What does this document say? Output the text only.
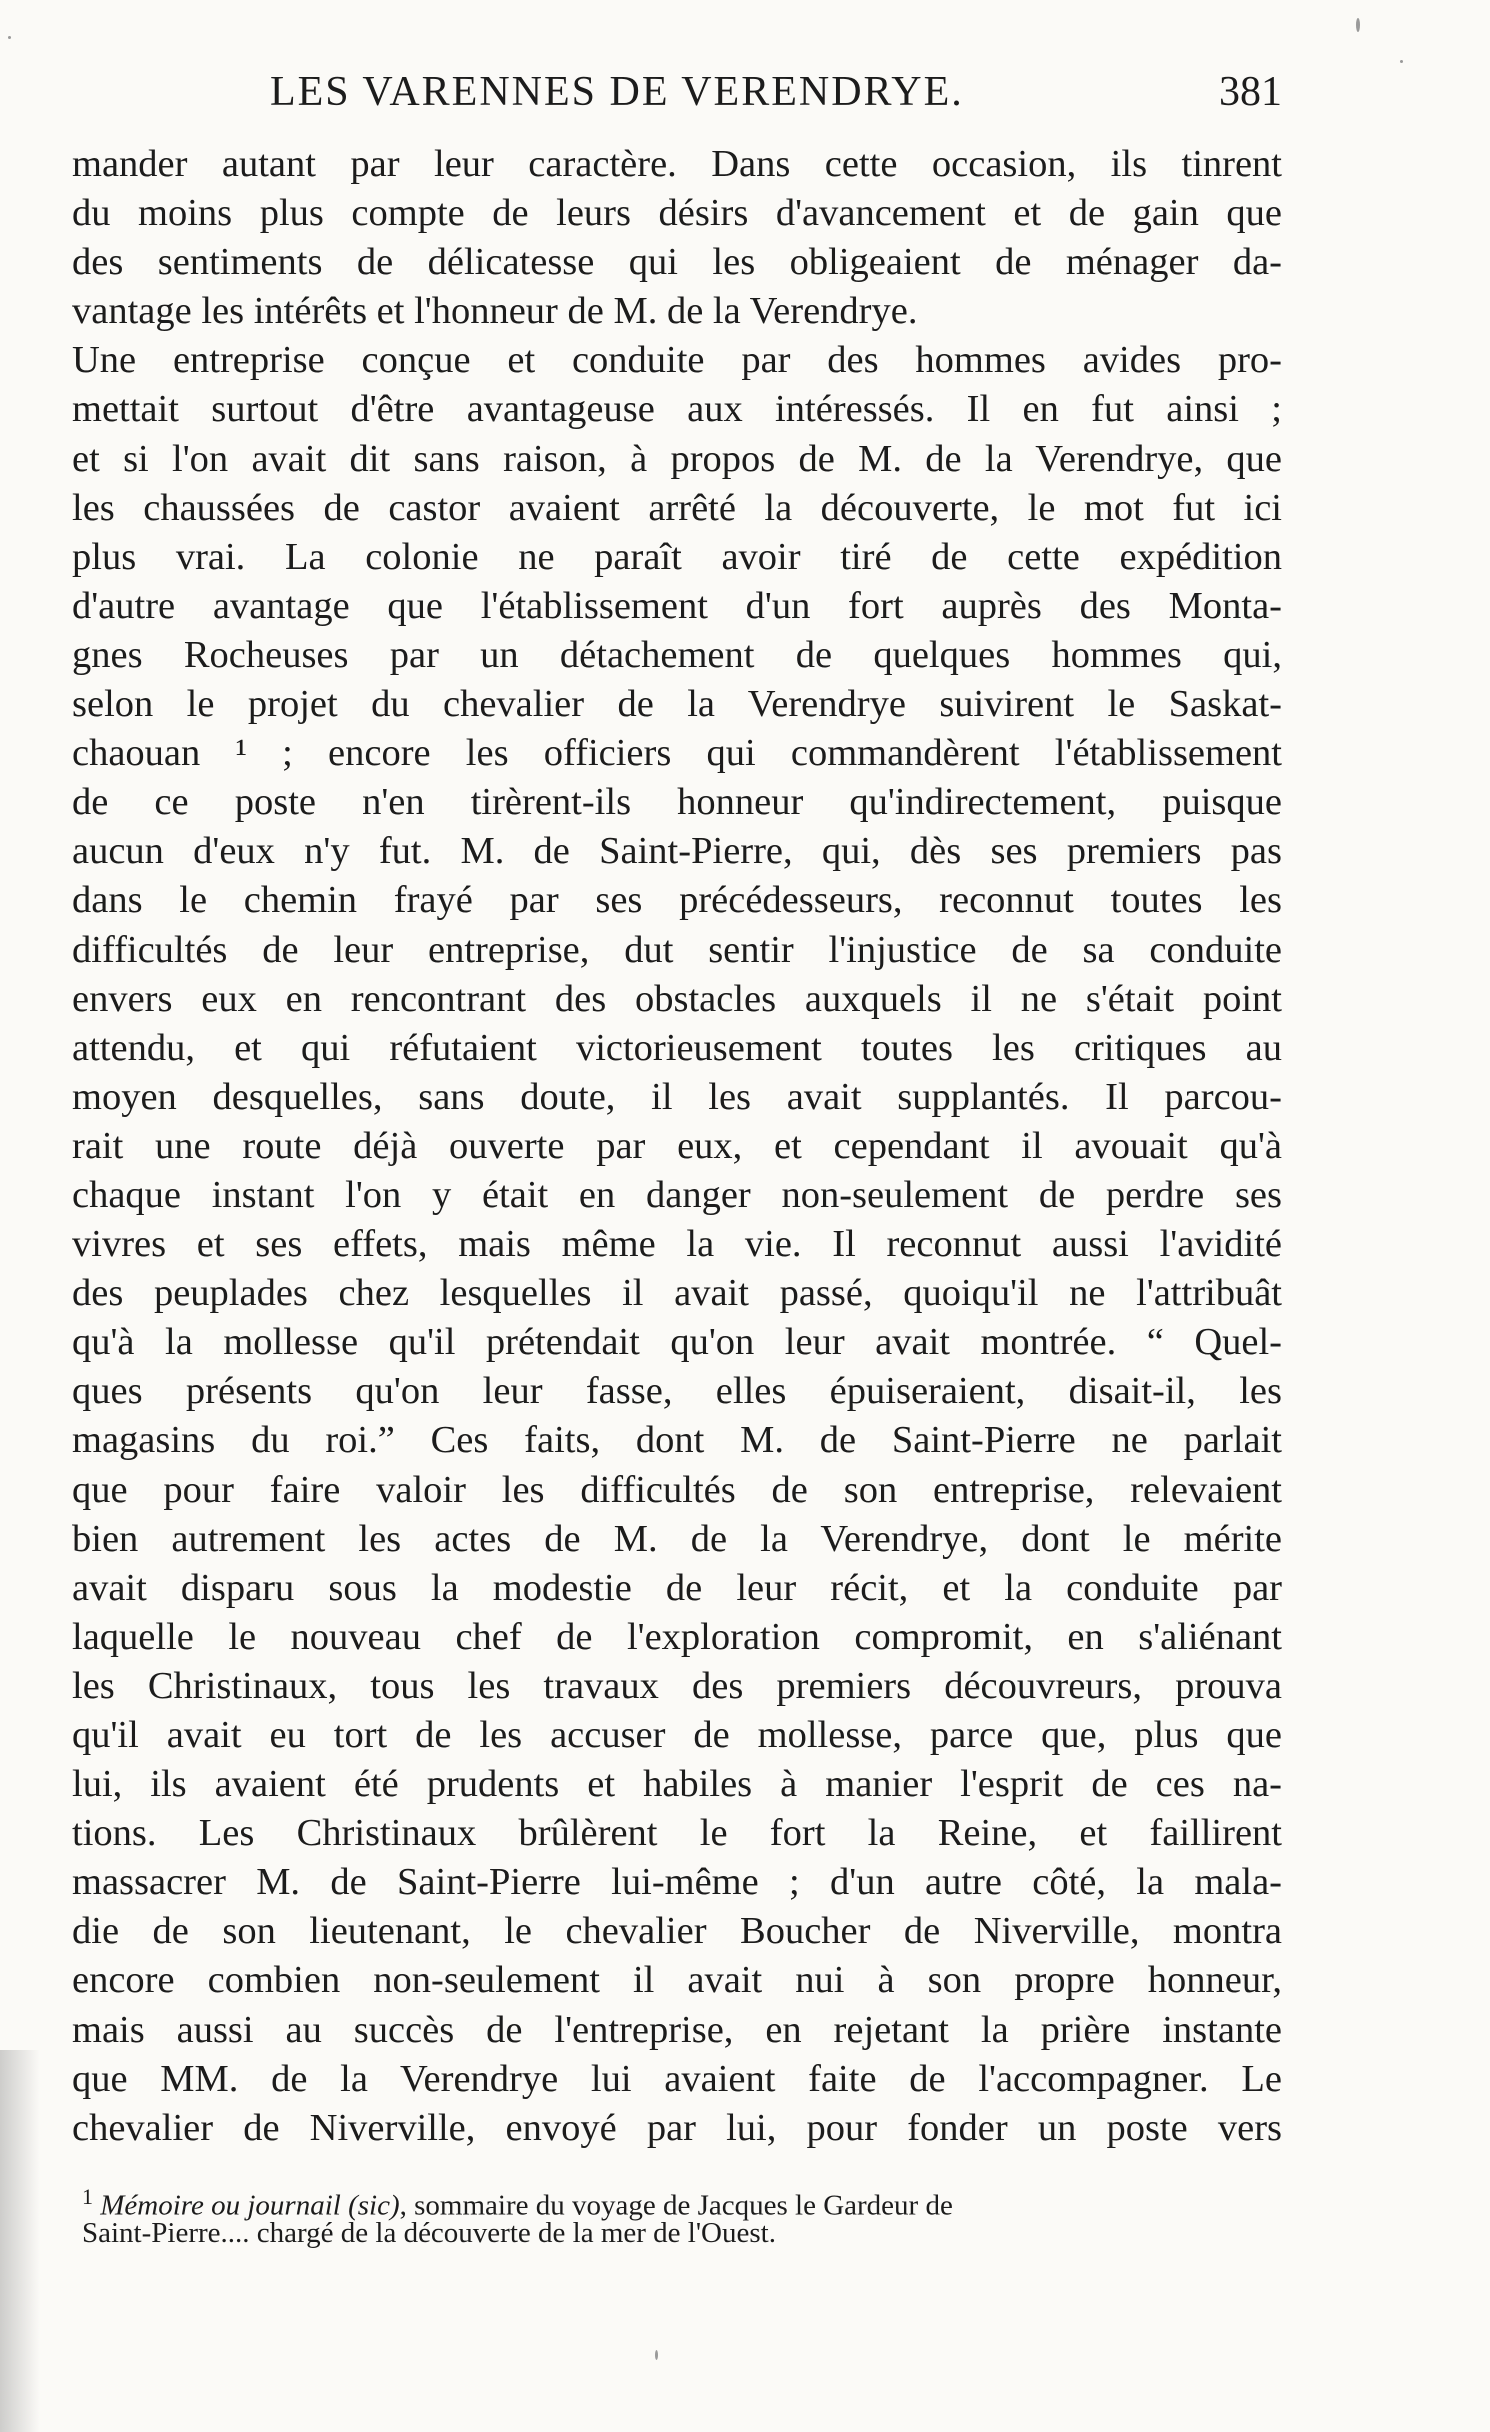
LES VARENNES DE VERENDRYE.	381
mander autant par leur caractère. Dans cette occasion, ils tinrent
du moins plus compte de leurs désirs d'avancement et de gain que
des sentiments de délicatesse qui les obligeaient de ménager da-
vantage les intérêts et l'honneur de M. de la Verendrye.
Une entreprise conçue et conduite par des hommes avides pro-
mettait surtout d'être avantageuse aux intéressés. Il en fut ainsi ;
et si l'on avait dit sans raison, à propos de M. de la Verendrye, que
les chaussées de castor avaient arrêté la découverte, le mot fut ici
plus vrai. La colonie ne paraît avoir tiré de cette expédition
d'autre avantage que l'établissement d'un fort auprès des Monta-
gnes Rocheuses par un détachement de quelques hommes qui,
selon le projet du chevalier de la Verendrye suivirent le Saskat-
chaouan ¹ ; encore les officiers qui commandèrent l'établissement
de ce poste n'en tirèrent-ils honneur qu'indirectement, puisque
aucun d'eux n'y fut. M. de Saint-Pierre, qui, dès ses premiers pas
dans le chemin frayé par ses précédesseurs, reconnut toutes les
difficultés de leur entreprise, dut sentir l'injustice de sa conduite
envers eux en rencontrant des obstacles auxquels il ne s'était point
attendu, et qui réfutaient victorieusement toutes les critiques au
moyen desquelles, sans doute, il les avait supplantés. Il parcou-
rait une route déjà ouverte par eux, et cependant il avouait qu'à
chaque instant l'on y était en danger non-seulement de perdre ses
vivres et ses effets, mais même la vie. Il reconnut aussi l'avidité
des peuplades chez lesquelles il avait passé, quoiqu'il ne l'attribuât
qu'à la mollesse qu'il prétendait qu'on leur avait montrée. “ Quel-
ques présents qu'on leur fasse, elles épuiseraient, disait-il, les
magasins du roi.” Ces faits, dont M. de Saint-Pierre ne parlait
que pour faire valoir les difficultés de son entreprise, relevaient
bien autrement les actes de M. de la Verendrye, dont le mérite
avait disparu sous la modestie de leur récit, et la conduite par
laquelle le nouveau chef de l'exploration compromit, en s'aliénant
les Christinaux, tous les travaux des premiers découvreurs, prouva
qu'il avait eu tort de les accuser de mollesse, parce que, plus que
lui, ils avaient été prudents et habiles à manier l'esprit de ces na-
tions. Les Christinaux brûlèrent le fort la Reine, et faillirent
massacrer M. de Saint-Pierre lui-même ; d'un autre côté, la mala-
die de son lieutenant, le chevalier Boucher de Niverville, montra
encore combien non-seulement il avait nui à son propre honneur,
mais aussi au succès de l'entreprise, en rejetant la prière instante
que MM. de la Verendrye lui avaient faite de l'accompagner. Le
chevalier de Niverville, envoyé par lui, pour fonder un poste vers
$^1$ Mémoire ou journail (sic), sommaire du voyage de Jacques le Gardeur de
Saint-Pierre.... chargé de la découverte de la mer de l'Ouest.
